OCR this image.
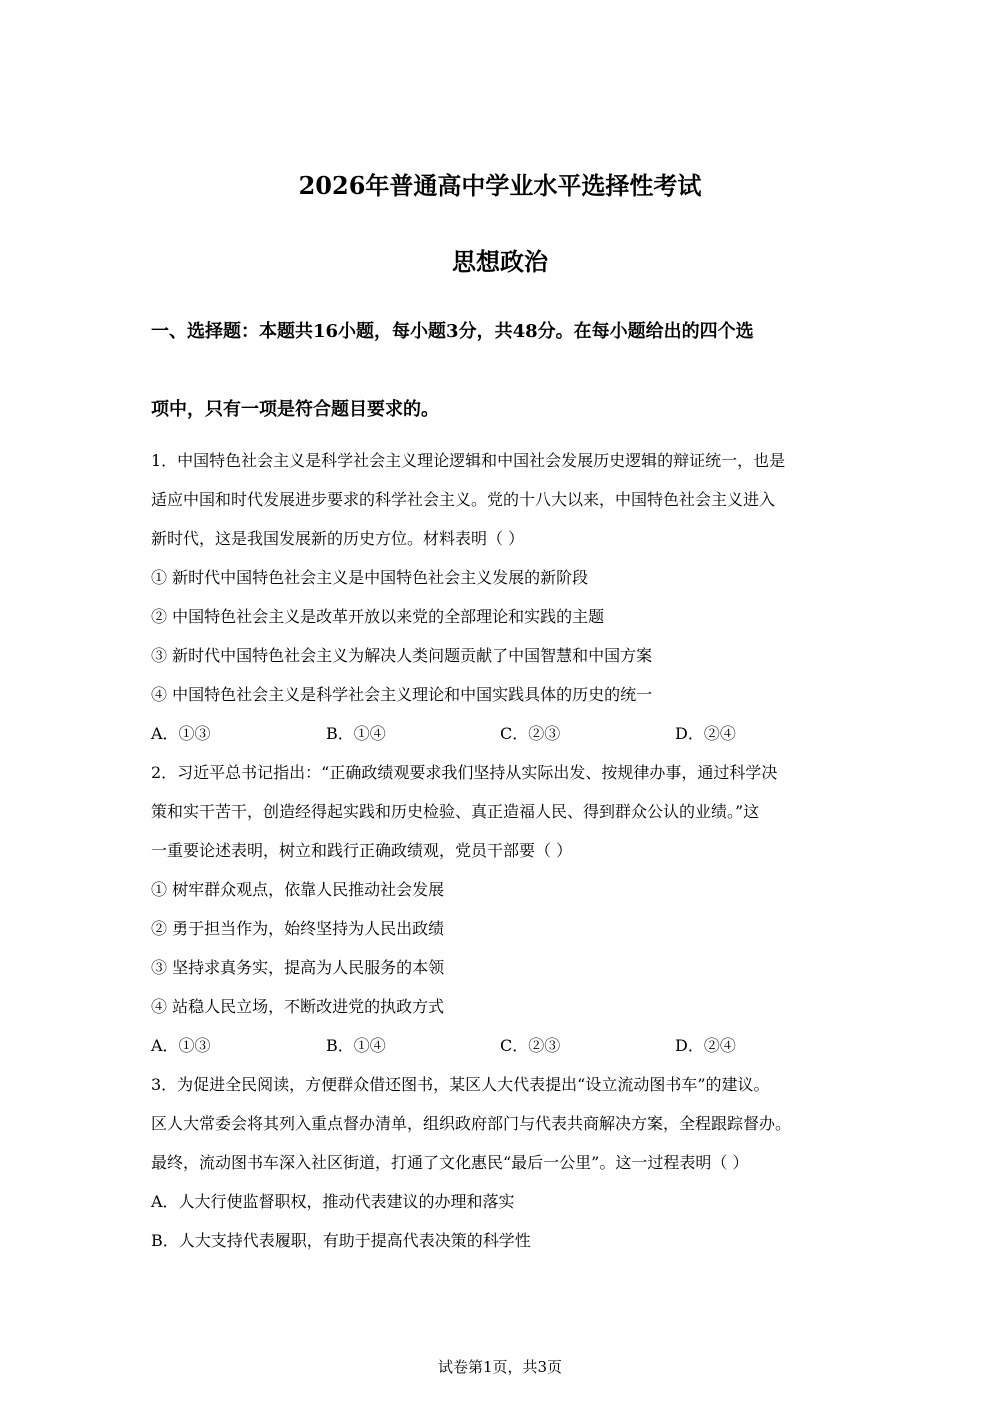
2026年普通高中学业水平选择性考试
思想政治
一、选择题：本题共16小题，每小题3分，共48分。在每小题给出的四个选
项中，只有一项是符合题目要求的。
1．中国特色社会主义是科学社会主义理论逻辑和中国社会发展历史逻辑的辩证统一，也是
适应中国和时代发展进步要求的科学社会主义。党的十八大以来，中国特色社会主义进入
新时代，这是我国发展新的历史方位。材料表明（ ）
① 新时代中国特色社会主义是中国特色社会主义发展的新阶段
② 中国特色社会主义是改革开放以来党的全部理论和实践的主题
③ 新时代中国特色社会主义为解决人类问题贡献了中国智慧和中国方案
④ 中国特色社会主义是科学社会主义理论和中国实践具体的历史的统一
A．①③	B．①④	C．②③	D．②④
2．习近平总书记指出：“正确政绩观要求我们坚持从实际出发、按规律办事，通过科学决
策和实干苦干，创造经得起实践和历史检验、真正造福人民、得到群众公认的业绩。”这
一重要论述表明，树立和践行正确政绩观，党员干部要（ ）
① 树牢群众观点，依靠人民推动社会发展
② 勇于担当作为，始终坚持为人民出政绩
③ 坚持求真务实，提高为人民服务的本领
④ 站稳人民立场，不断改进党的执政方式
A．①③	B．①④	C．②③	D．②④
3．为促进全民阅读，方便群众借还图书，某区人大代表提出“设立流动图书车”的建议。
区人大常委会将其列入重点督办清单，组织政府部门与代表共商解决方案，全程跟踪督办。
最终，流动图书车深入社区街道，打通了文化惠民“最后一公里”。这一过程表明（ ）
A．人大行使监督职权，推动代表建议的办理和落实
B．人大支持代表履职，有助于提高代表决策的科学性
试卷第1页，共3页
